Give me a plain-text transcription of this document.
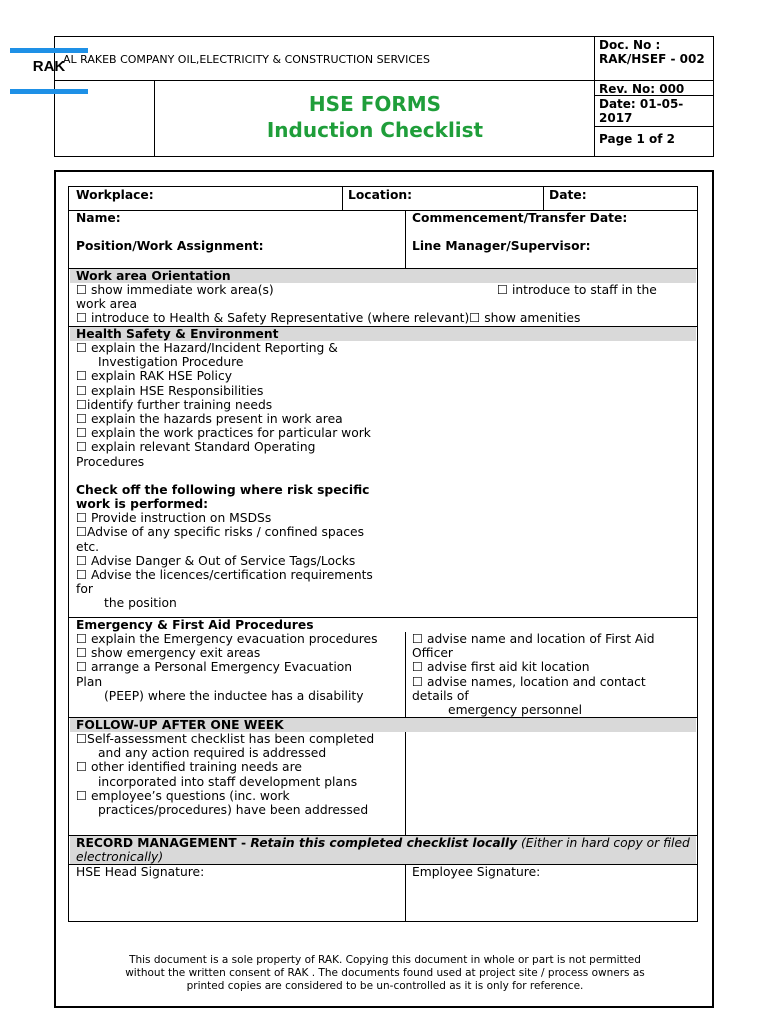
AL RAKEB COMPANY OIL,ELECTRICITY & CONSTRUCTION SERVICES
HSE FORMS
Induction Checklist
Doc. No : RAK/HSEF - 002
Rev. No: 000
Date: 01-05-2017
Page 1 of 2
RAK
Workplace:	Location:	Date:
Name:
Position/Work Assignment:
Commencement/Transfer Date:
Line Manager/Supervisor:
Work area Orientation
☐ show immediate work area(s)
☐	introduce to staff in the
work area
☐ introduce to Health & Safety Representative (where relevant)☐ show amenities
Health Safety & Environment
☐ explain the Hazard/Incident Reporting &
Investigation Procedure
☐ explain RAK HSE Policy
☐ explain HSE Responsibilities
☐ identify further training needs
☐ explain the hazards present in work area
☐ explain the work practices for particular work
☐ explain relevant Standard Operating
Procedures
Check off the following where risk specific
work is performed:
☐ Provide instruction on MSDSs
☐ Advise of any specific risks / confined spaces
etc.
☐ Advise Danger & Out of Service Tags/Locks
☐ Advise the licences/certification requirements
for
the position
Emergency & First Aid Procedures
☐ explain the Emergency evacuation procedures
☐ show emergency exit areas
☐ arrange a Personal Emergency Evacuation
Plan
(PEEP) where the inductee has a disability
☐ advise name and location of First Aid
Officer
☐ advise first aid kit location
☐ advise names, location and contact
details of
emergency personnel
FOLLOW-UP AFTER ONE WEEK
☐ Self-assessment checklist has been completed
and any action required is addressed
☐ other identified training needs are
incorporated into staff development plans
☐ employee’s questions (inc. work
practices/procedures) have been addressed
RECORD MANAGEMENT - Retain this completed checklist locally (Either in hard copy or filed electronically)
HSE Head Signature:	Employee Signature:
This document is a sole property of RAK. Copying this document in whole or part is not permitted
without the written consent of RAK . The documents found used at project site / process owners as
printed copies are considered to be un-controlled as it is only for reference.
